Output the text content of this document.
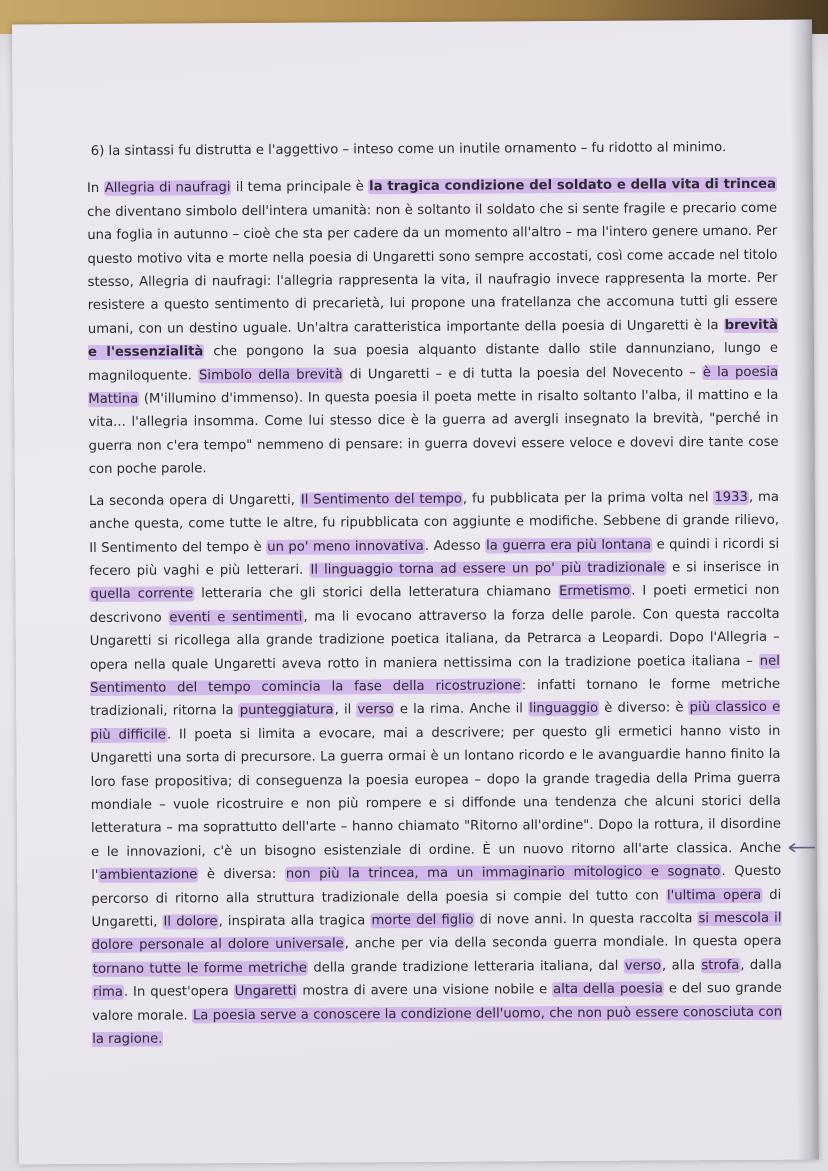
6) la sintassi fu distrutta e l'aggettivo – inteso come un inutile ornamento – fu ridotto al minimo.

In Allegria di naufragi il tema principale è la tragica condizione del soldato e della vita di trincea che diventano simbolo dell'intera umanità: non è soltanto il soldato che si sente fragile e precario come una foglia in autunno – cioè che sta per cadere da un momento all'altro – ma l'intero genere umano. Per questo motivo vita e morte nella poesia di Ungaretti sono sempre accostati, così come accade nel titolo stesso, Allegria di naufragi: l'allegria rappresenta la vita, il naufragio invece rappresenta la morte. Per resistere a questo sentimento di precarietà, lui propone una fratellanza che accomuna tutti gli essere umani, con un destino uguale. Un'altra caratteristica importante della poesia di Ungaretti è la brevità e l'essenzialità che pongono la sua poesia alquanto distante dallo stile dannunziano, lungo e magniloquente. Simbolo della brevità di Ungaretti – e di tutta la poesia del Novecento – è la poesia Mattina (M'illumino d'immenso). In questa poesia il poeta mette in risalto soltanto l'alba, il mattino e la vita... l'allegria insomma. Come lui stesso dice è la guerra ad avergli insegnato la brevità, "perché in guerra non c'era tempo" nemmeno di pensare: in guerra dovevi essere veloce e dovevi dire tante cose con poche parole.

La seconda opera di Ungaretti, Il Sentimento del tempo, fu pubblicata per la prima volta nel 1933, ma anche questa, come tutte le altre, fu ripubblicata con aggiunte e modifiche. Sebbene di grande rilievo, Il Sentimento del tempo è un po' meno innovativa. Adesso la guerra era più lontana e quindi i ricordi si fecero più vaghi e più letterari. Il linguaggio torna ad essere un po' più tradizionale e si inserisce in quella corrente letteraria che gli storici della letteratura chiamano Ermetismo. I poeti ermetici non descrivono eventi e sentimenti, ma li evocano attraverso la forza delle parole. Con questa raccolta Ungaretti si ricollega alla grande tradizione poetica italiana, da Petrarca a Leopardi. Dopo l'Allegria – opera nella quale Ungaretti aveva rotto in maniera nettissima con la tradizione poetica italiana – nel Sentimento del tempo comincia la fase della ricostruzione: infatti tornano le forme metriche tradizionali, ritorna la punteggiatura, il verso e la rima. Anche il linguaggio è diverso: è più classico e più difficile. Il poeta si limita a evocare, mai a descrivere; per questo gli ermetici hanno visto in Ungaretti una sorta di precursore. La guerra ormai è un lontano ricordo e le avanguardie hanno finito la loro fase propositiva; di conseguenza la poesia europea – dopo la grande tragedia della Prima guerra mondiale – vuole ricostruire e non più rompere e si diffonde una tendenza che alcuni storici della letteratura – ma soprattutto dell'arte – hanno chiamato "Ritorno all'ordine". Dopo la rottura, il disordine e le innovazioni, c'è un bisogno esistenziale di ordine. È un nuovo ritorno all'arte classica. Anche l'ambientazione è diversa: non più la trincea, ma un immaginario mitologico e sognato. Questo percorso di ritorno alla struttura tradizionale della poesia si compie del tutto con l'ultima opera di Ungaretti, Il dolore, inspirata alla tragica morte del figlio di nove anni. In questa raccolta si mescola il dolore personale al dolore universale, anche per via della seconda guerra mondiale. In questa opera tornano tutte le forme metriche della grande tradizione letteraria italiana, dal verso, alla strofa, dalla rima. In quest'opera Ungaretti mostra di avere una visione nobile e alta della poesia e del suo grande valore morale. La poesia serve a conoscere la condizione dell'uomo, che non può essere conosciuta con la ragione.
